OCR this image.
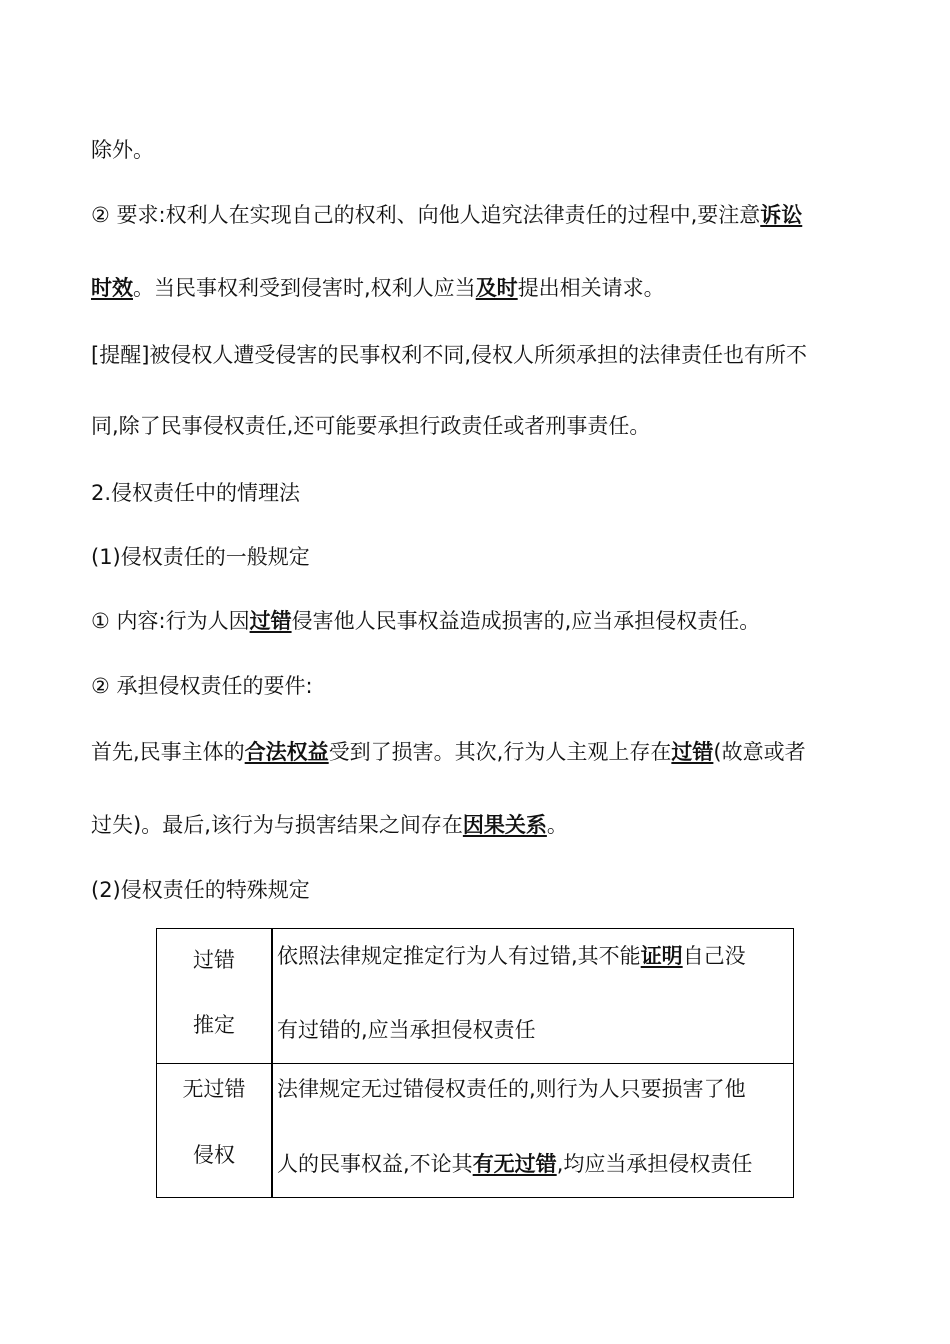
除外。
② 要求:权利人在实现自己的权利、向他人追究法律责任的过程中,要注意诉讼
时效。当民事权利受到侵害时,权利人应当及时提出相关请求。
[提醒]被侵权人遭受侵害的民事权利不同,侵权人所须承担的法律责任也有所不
同,除了民事侵权责任,还可能要承担行政责任或者刑事责任。
2.侵权责任中的情理法
(1)侵权责任的一般规定
① 内容:行为人因过错侵害他人民事权益造成损害的,应当承担侵权责任。
② 承担侵权责任的要件:
首先,民事主体的合法权益受到了损害。其次,行为人主观上存在过错(故意或者
过失)。最后,该行为与损害结果之间存在因果关系。
(2)侵权责任的特殊规定
过错
推定
依照法律规定推定行为人有过错,其不能证明自己没
有过错的,应当承担侵权责任
无过错
侵权
法律规定无过错侵权责任的,则行为人只要损害了他
人的民事权益,不论其有无过错,均应当承担侵权责任
